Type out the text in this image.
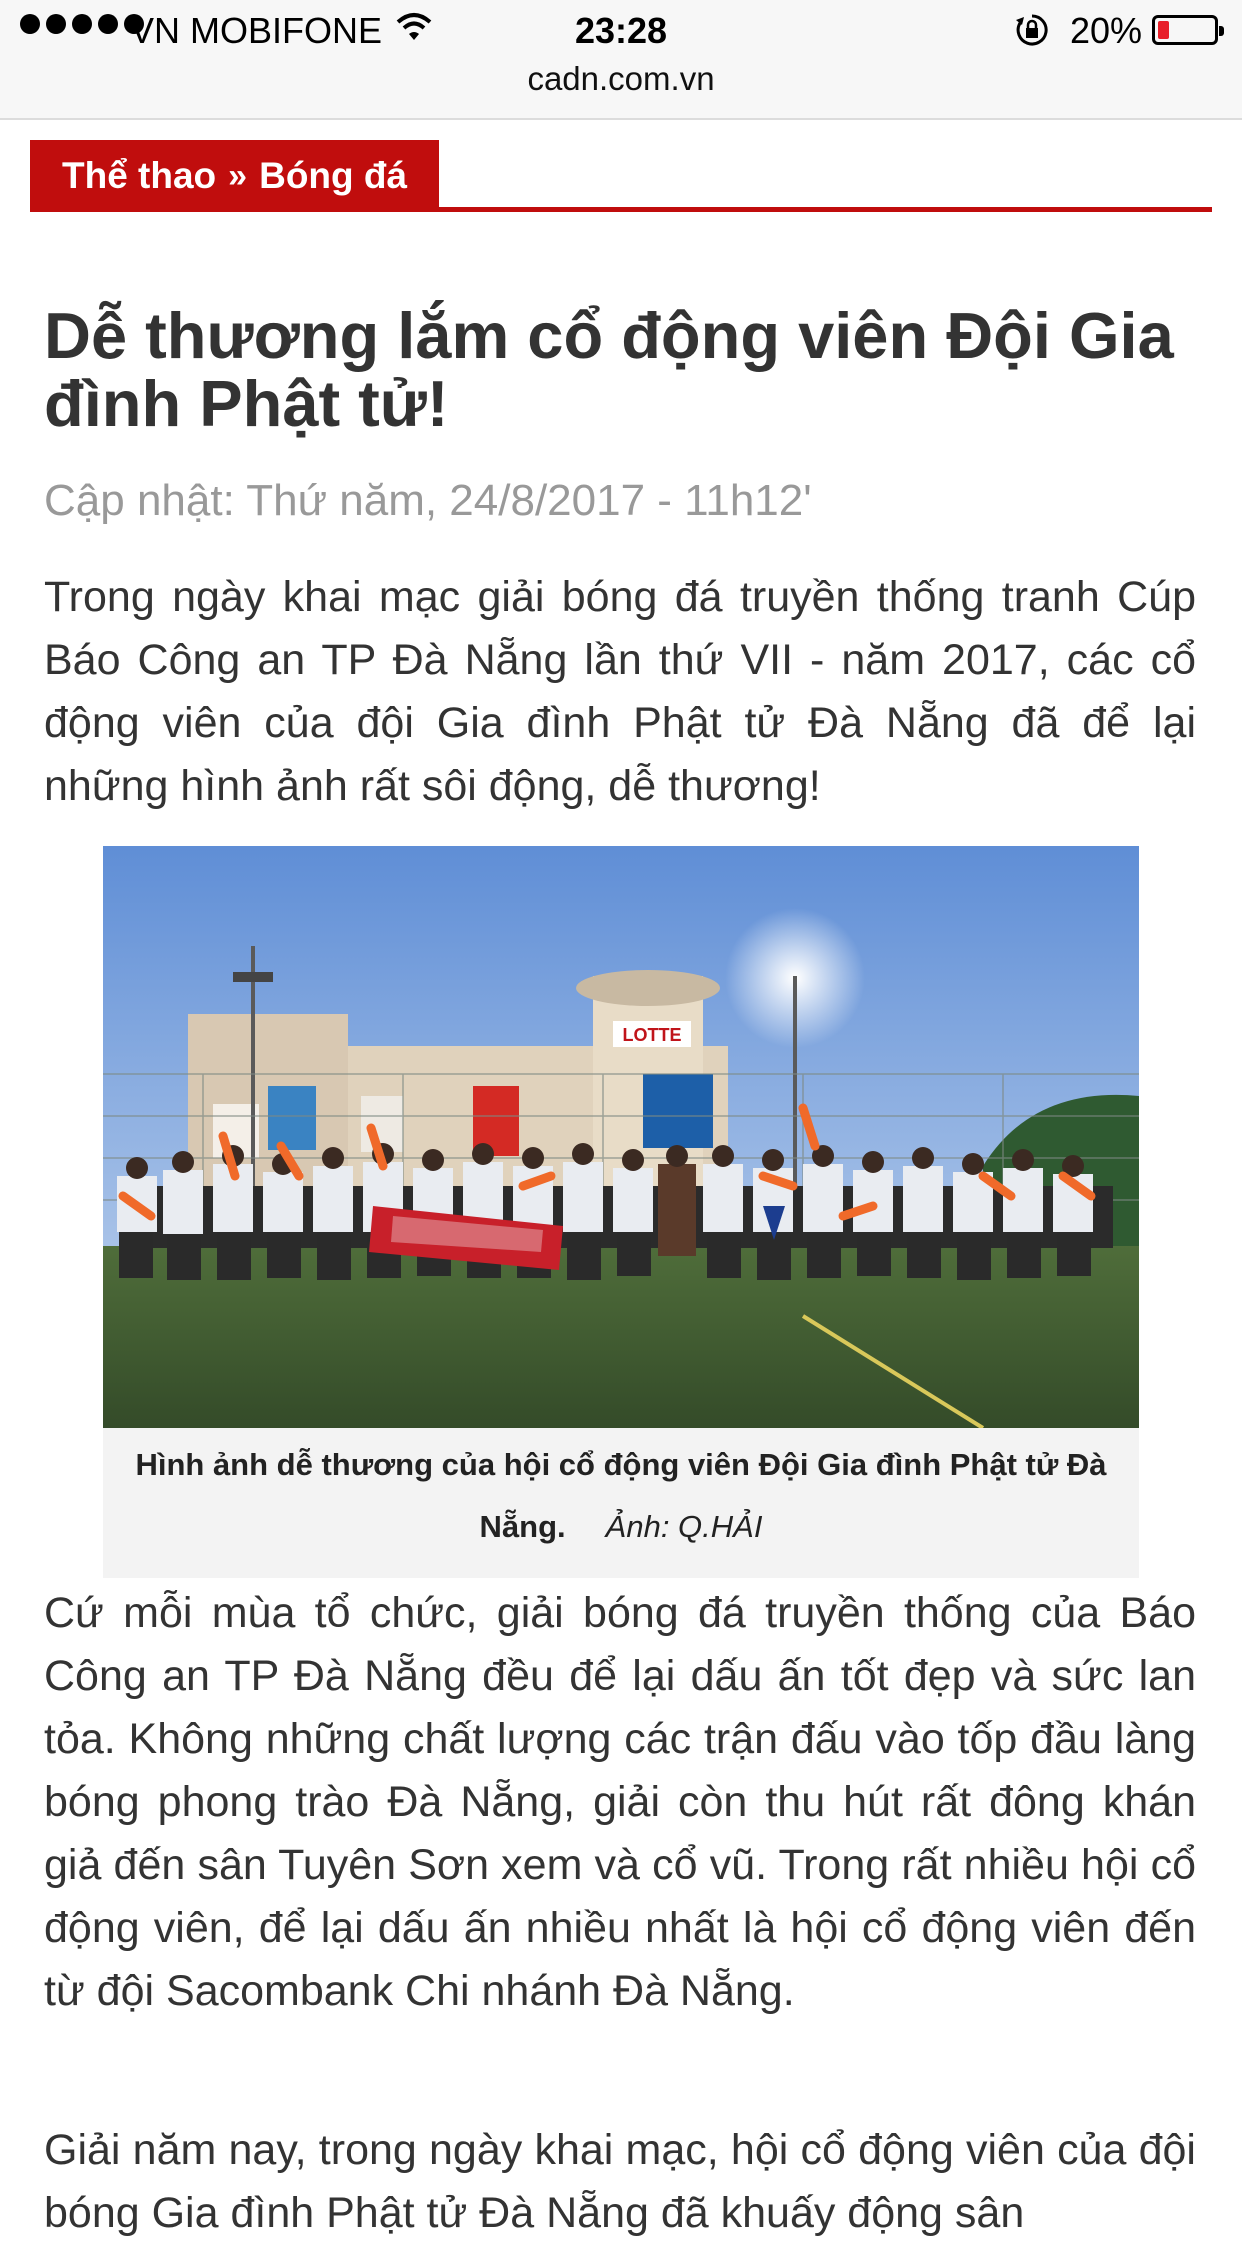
VN MOBIFONE	23:28	20%
cadn.com.vn
Thể thao » Bóng đá
Dễ thương lắm cổ động viên Đội Gia đình Phật tử!
Cập nhật: Thứ năm, 24/8/2017 - 11h12'

Trong ngày khai mạc giải bóng đá truyền thống tranh Cúp Báo Công an TP Đà Nẵng lần thứ VII - năm 2017, các cổ động viên của đội Gia đình Phật tử Đà Nẵng đã để lại những hình ảnh rất sôi động, dễ thương!

LOTTE
Hình ảnh dễ thương của hội cổ động viên Đội Gia đình Phật tử Đà Nẵng. Ảnh: Q.HẢI

Cứ mỗi mùa tổ chức, giải bóng đá truyền thống của Báo Công an TP Đà Nẵng đều để lại dấu ấn tốt đẹp và sức lan tỏa. Không những chất lượng các trận đấu vào tốp đầu làng bóng phong trào Đà Nẵng, giải còn thu hút rất đông khán giả đến sân Tuyên Sơn xem và cổ vũ. Trong rất nhiều hội cổ động viên, để lại dấu ấn nhiều nhất là hội cổ động viên đến từ đội Sacombank Chi nhánh Đà Nẵng.

Giải năm nay, trong ngày khai mạc, hội cổ động viên của đội bóng Gia đình Phật tử Đà Nẵng đã khuấy động sân
